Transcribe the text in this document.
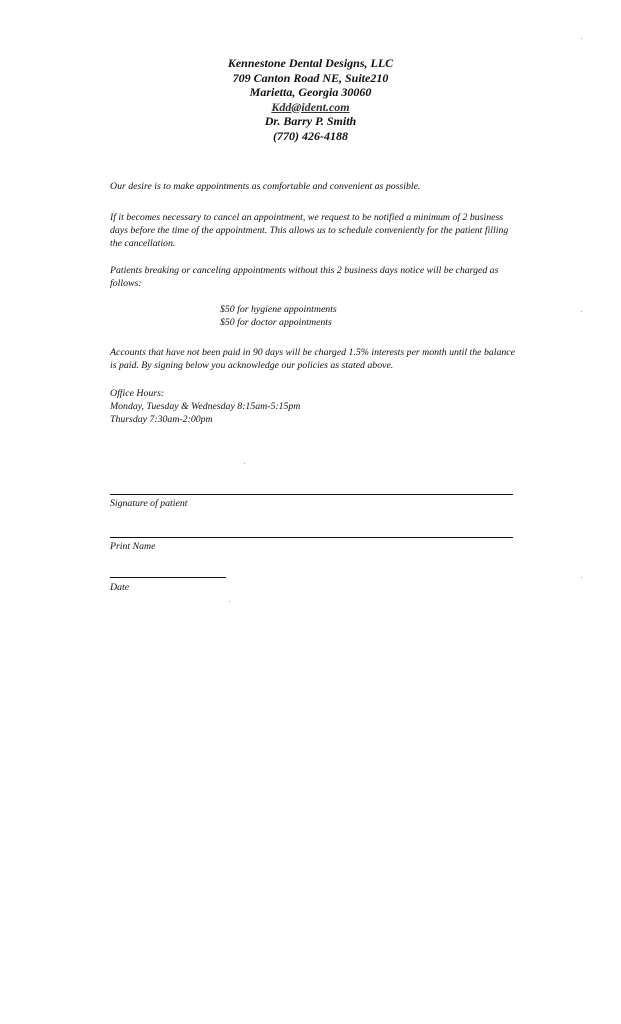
Kennestone Dental Designs, LLC
709 Canton Road NE, Suite210
Marietta, Georgia 30060
Kdd@ident.com
Dr. Barry P. Smith
(770) 426-4188

Our desire is to make appointments as comfortable and convenient as possible.

If it becomes necessary to cancel an appointment, we request to be notified a minimum of 2 business days before the time of the appointment. This allows us to schedule conveniently for the patient filling the cancellation.

Patients breaking or canceling appointments without this 2 business days notice will be charged as follows:

$50 for hygiene appointments
$50 for doctor appointments

Accounts that have not been paid in 90 days will be charged 1.5% interests per month until the balance is paid. By signing below you acknowledge our policies as stated above.

Office Hours:
Monday, Tuesday & Wednesday 8:15am-5:15pm
Thursday 7:30am-2:00pm
Signature of patient
Print Name
Date
